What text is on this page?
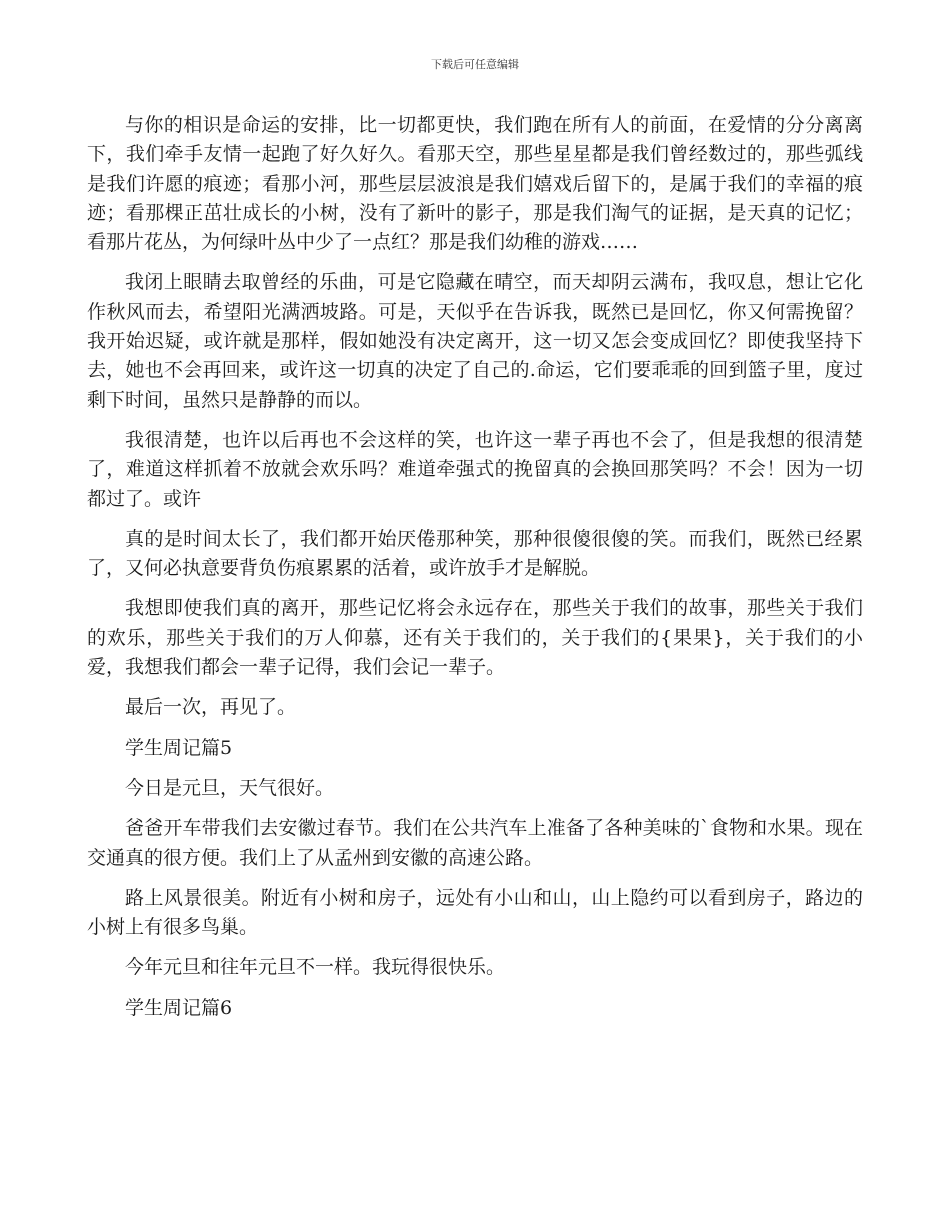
下载后可任意编辑

与你的相识是命运的安排，比一切都更快，我们跑在所有人的前面，在爱情的分分离离下，我们牵手友情一起跑了好久好久。看那天空，那些星星都是我们曾经数过的，那些弧线是我们许愿的痕迹；看那小河，那些层层波浪是我们嬉戏后留下的，是属于我们的幸福的痕迹；看那棵正茁壮成长的小树，没有了新叶的影子，那是我们淘气的证据，是天真的记忆；看那片花丛，为何绿叶丛中少了一点红？那是我们幼稚的游戏……

我闭上眼睛去取曾经的乐曲，可是它隐藏在晴空，而天却阴云满布，我叹息，想让它化作秋风而去，希望阳光满洒坡路。可是，天似乎在告诉我，既然已是回忆，你又何需挽留？我开始迟疑，或许就是那样，假如她没有决定离开，这一切又怎会变成回忆？即使我坚持下去，她也不会再回来，或许这一切真的决定了自己的.命运，它们要乖乖的回到篮子里，度过剩下时间，虽然只是静静的而以。

我很清楚，也许以后再也不会这样的笑，也许这一辈子再也不会了，但是我想的很清楚了，难道这样抓着不放就会欢乐吗？难道牵强式的挽留真的会换回那笑吗？不会！因为一切都过了。或许

真的是时间太长了，我们都开始厌倦那种笑，那种很傻很傻的笑。而我们，既然已经累了，又何必执意要背负伤痕累累的活着，或许放手才是解脱。

我想即使我们真的离开，那些记忆将会永远存在，那些关于我们的故事，那些关于我们的欢乐，那些关于我们的万人仰慕，还有关于我们的，关于我们的{果果}，关于我们的小爱，我想我们都会一辈子记得，我们会记一辈子。

最后一次，再见了。

学生周记篇5

今日是元旦，天气很好。

爸爸开车带我们去安徽过春节。我们在公共汽车上准备了各种美味的`食物和水果。现在交通真的很方便。我们上了从孟州到安徽的高速公路。

路上风景很美。附近有小树和房子，远处有小山和山，山上隐约可以看到房子，路边的小树上有很多鸟巢。

今年元旦和往年元旦不一样。我玩得很快乐。

学生周记篇6
